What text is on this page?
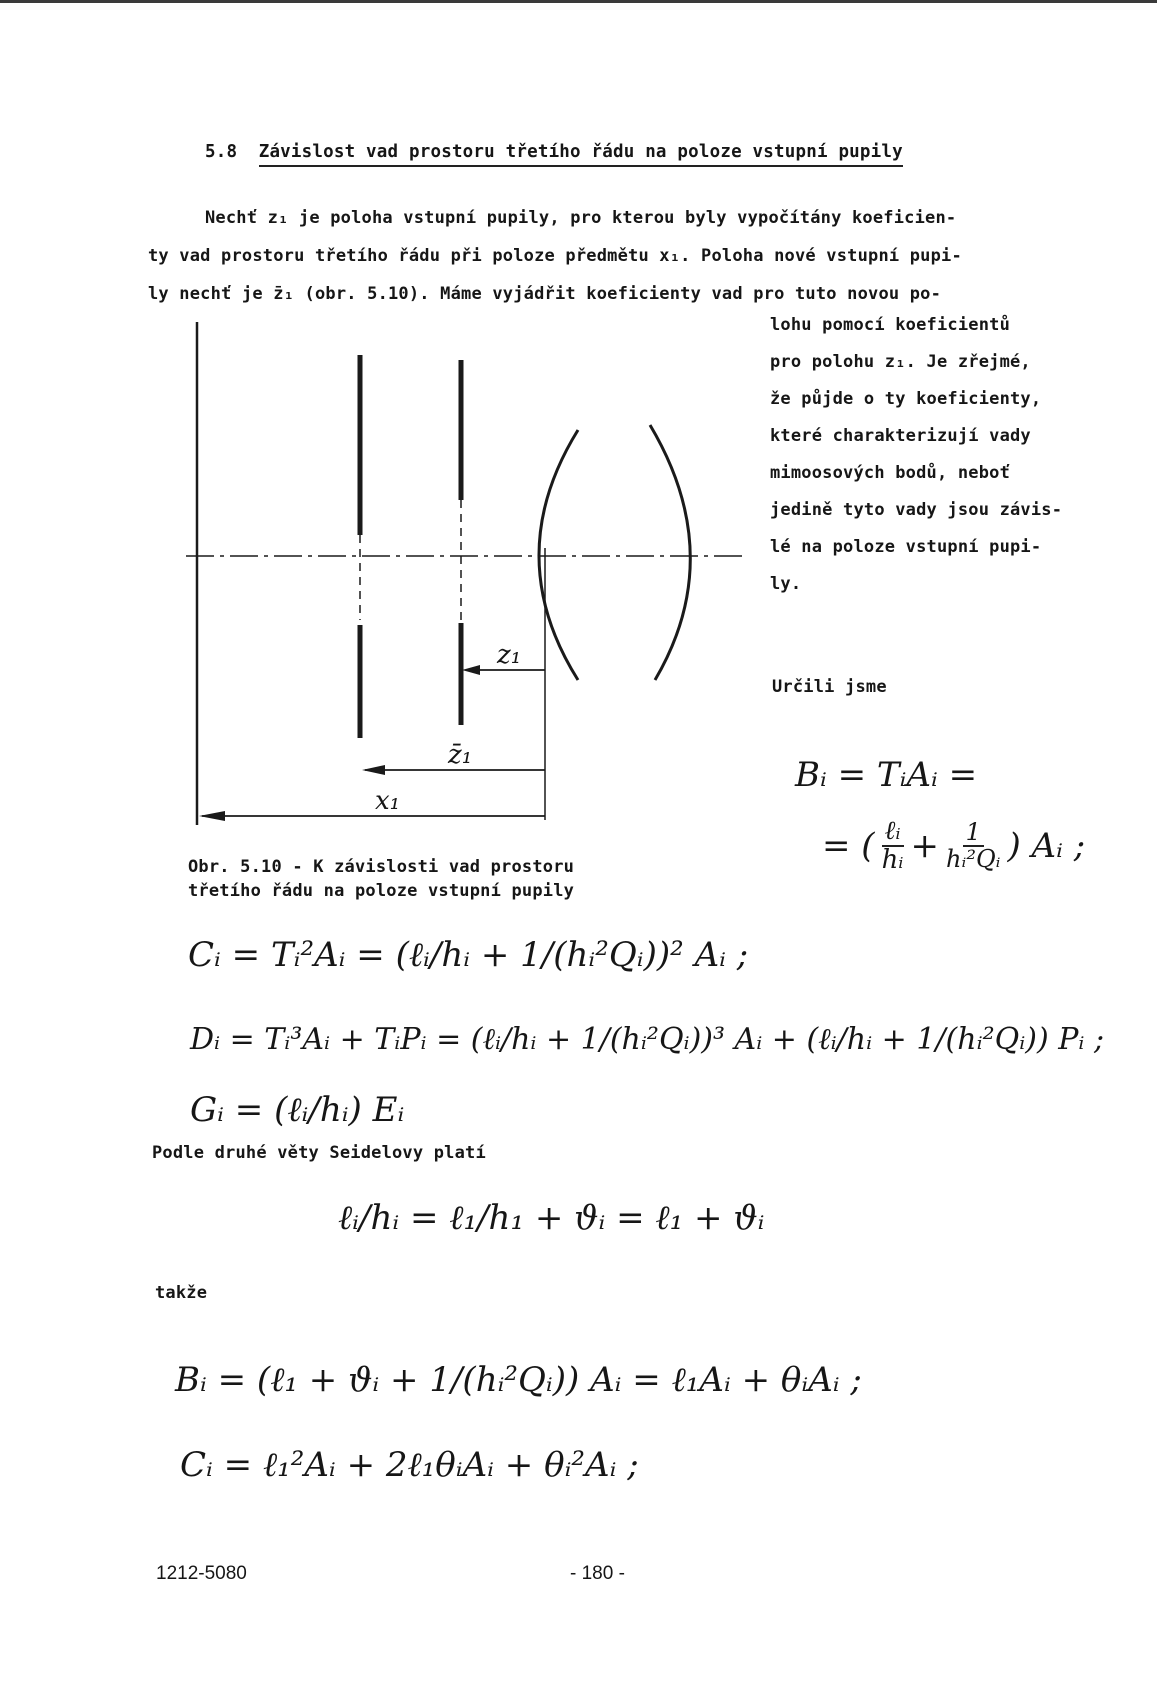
5.8 Závislost vad prostoru třetího řádu na poloze vstupní pupily
Nechť z₁ je poloha vstupní pupily, pro kterou byly vypočítány koeficien-
ty vad prostoru třetího řádu při poloze předmětu x₁. Poloha nové vstupní pupi-
ly nechť je z̄₁ (obr. 5.10). Máme vyjádřit koeficienty vad pro tuto novou po-
lohu pomocí koeficientů
pro polohu z₁. Je zřejmé,
že půjde o ty koeficienty,
které charakterizují vady
mimoosových bodů, neboť
jedině tyto vady jsou závis-
lé na poloze vstupní pupi-
ly.
Určili jsme
z₁
z̄₁
x₁
Obr. 5.10 - K závislosti vad prostoru
třetího řádu na poloze vstupní pupily
Bᵢ = TᵢAᵢ =
= ( $\frac{\text{ℓᵢ}}{\text{hᵢ}} + \frac{1}{\text{hᵢ²Qᵢ}}$ ) Aᵢ ;
Cᵢ = Tᵢ²Aᵢ = (ℓᵢ/hᵢ + 1/(hᵢ²Qᵢ))² Aᵢ ;
Dᵢ = Tᵢ³Aᵢ + TᵢPᵢ = (ℓᵢ/hᵢ + 1/(hᵢ²Qᵢ))³ Aᵢ + (ℓᵢ/hᵢ + 1/(hᵢ²Qᵢ)) Pᵢ ;
Gᵢ = (ℓᵢ/hᵢ) Eᵢ
Podle druhé věty Seidelovy platí
ℓᵢ/hᵢ = ℓ₁/h₁ + ϑᵢ = ℓ₁ + ϑᵢ
takže
Bᵢ = (ℓ₁ + ϑᵢ + 1/(hᵢ²Qᵢ)) Aᵢ = ℓ₁Aᵢ + θᵢAᵢ ;
Cᵢ = ℓ₁²Aᵢ + 2ℓ₁θᵢAᵢ + θᵢ²Aᵢ ;
1212-5080	- 180 -
